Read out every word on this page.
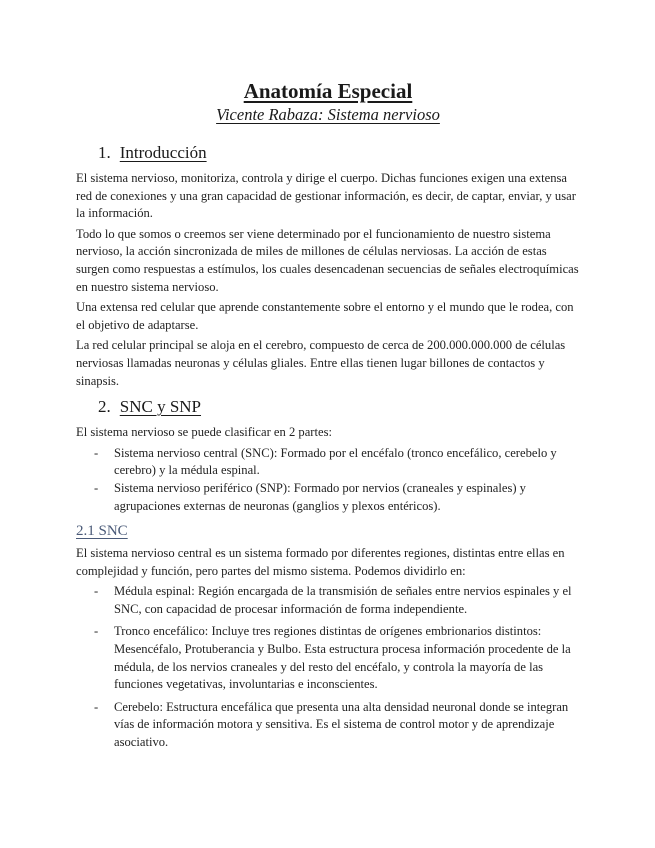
Anatomía Especial
Vicente Rabaza: Sistema nervioso
1. Introducción

El sistema nervioso, monitoriza, controla y dirige el cuerpo. Dichas funciones exigen una extensa red de conexiones y una gran capacidad de gestionar información, es decir, de captar, enviar, y usar la información.

Todo lo que somos o creemos ser viene determinado por el funcionamiento de nuestro sistema nervioso, la acción sincronizada de miles de millones de células nerviosas. La acción de estas surgen como respuestas a estímulos, los cuales desencadenan secuencias de señales electroquímicas en nuestro sistema nervioso.

Una extensa red celular que aprende constantemente sobre el entorno y el mundo que le rodea, con el objetivo de adaptarse.

La red celular principal se aloja en el cerebro, compuesto de cerca de 200.000.000.000 de células nerviosas llamadas neuronas y células gliales. Entre ellas tienen lugar billones de contactos y sinapsis.

2. SNC y SNP

El sistema nervioso se puede clasificar en 2 partes:

- Sistema nervioso central (SNC): Formado por el encéfalo (tronco encefálico, cerebelo y cerebro) y la médula espinal.
- Sistema nervioso periférico (SNP): Formado por nervios (craneales y espinales) y agrupaciones externas de neuronas (ganglios y plexos entéricos).
2.1 SNC

El sistema nervioso central es un sistema formado por diferentes regiones, distintas entre ellas en complejidad y función, pero partes del mismo sistema. Podemos dividirlo en:

- Médula espinal: Región encargada de la transmisión de señales entre nervios espinales y el SNC, con capacidad de procesar información de forma independiente.
- Tronco encefálico: Incluye tres regiones distintas de orígenes embrionarios distintos: Mesencéfalo, Protuberancia y Bulbo. Esta estructura procesa información procedente de la médula, de los nervios craneales y del resto del encéfalo, y controla la mayoría de las funciones vegetativas, involuntarias e inconscientes.
- Cerebelo: Estructura encefálica que presenta una alta densidad neuronal donde se integran vías de información motora y sensitiva. Es el sistema de control motor y de aprendizaje asociativo.
